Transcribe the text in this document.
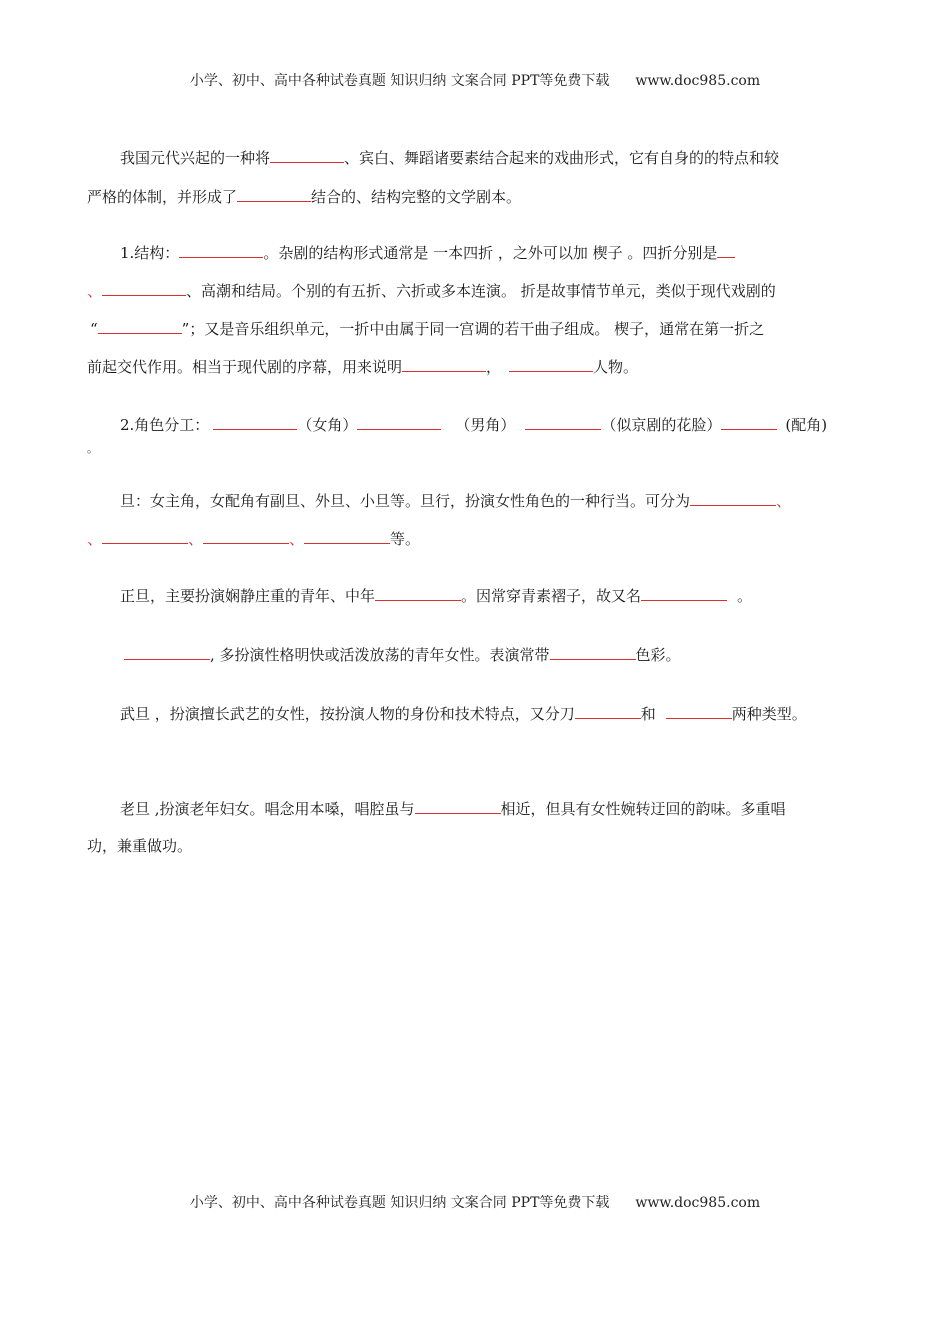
小学、初中、高中各种试卷真题 知识归纳 文案合同 PPT等免费下载 www.doc985.com
我国元代兴起的一种将	、宾白、舞蹈诸要素结合起来的戏曲形式，它有自身的的特点和较
严格的体制，并形成了	结合的、结构完整的文学剧本。
1.结构：	。杂剧的结构形式通常是 一本四折 ，之外可以加 楔子 。四折分别是
、	、高潮和结局。个别的有五折、六折或多本连演。 折是故事情节单元，类似于现代戏剧的
“	”；又是音乐组织单元，一折中由属于同一宫调的若干曲子组成。 楔子，通常在第一折之
前起交代作用。相当于现代剧的序幕，用来说明	，	人物。
2.角色分工：	（女角）	（男角）	（似京剧的花脸）	(配角)
。
旦：女主角，女配角有副旦、外旦、小旦等。旦行，扮演女性角色的一种行当。可分为	、
、	、	、	等。
正旦，主要扮演娴静庄重的青年、中年	。因常穿青素褶子，故又名	。
, 多扮演性格明快或活泼放荡的青年女性。表演常带	色彩。
武旦 ，扮演擅长武艺的女性，按扮演人物的身份和技术特点，又分刀	和	两种类型。
老旦 ,扮演老年妇女。唱念用本嗓，唱腔虽与	相近，但具有女性婉转迂回的韵味。多重唱
功，兼重做功。
小学、初中、高中各种试卷真题 知识归纳 文案合同 PPT等免费下载 www.doc985.com
